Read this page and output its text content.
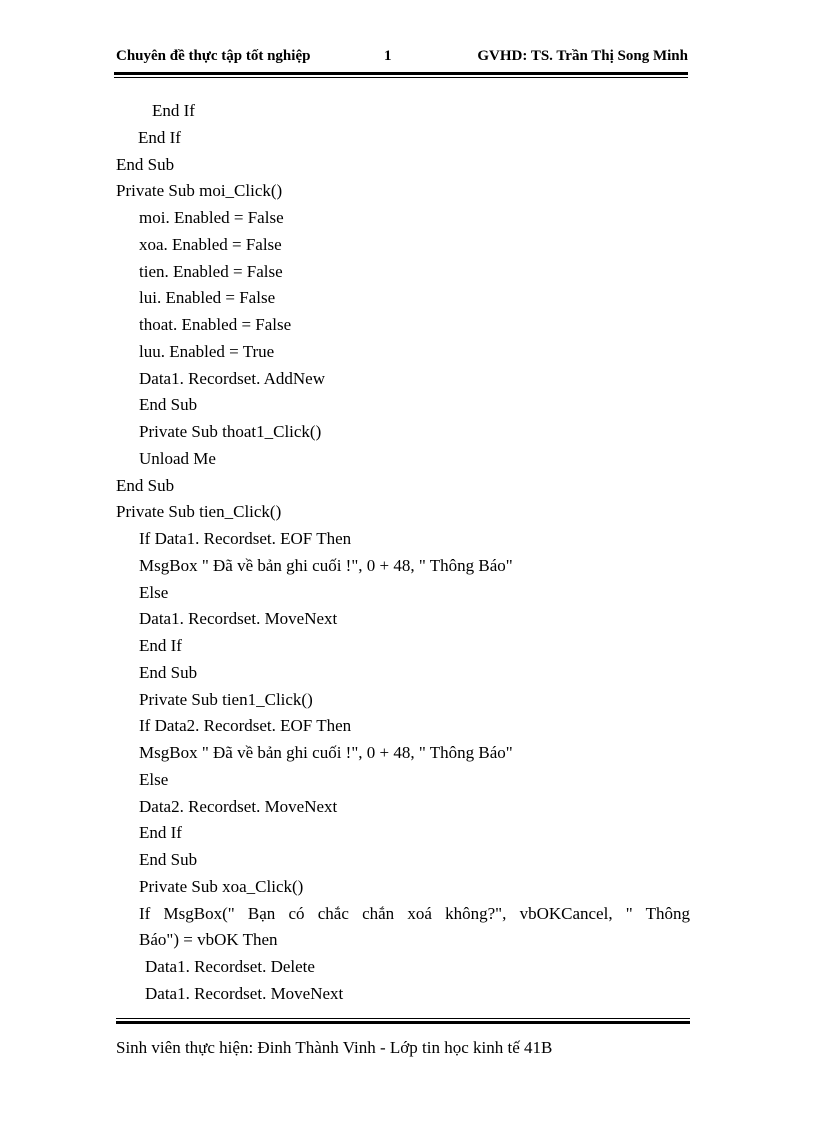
Chuyên đề thực tập tốt nghiệp	1	GVHD: TS. Trần Thị Song Minh
End If
End If
End Sub
Private Sub moi_Click()
moi. Enabled = False
xoa. Enabled = False
tien. Enabled = False
lui. Enabled = False
thoat. Enabled = False
luu. Enabled = True
Data1. Recordset. AddNew
End Sub
Private Sub thoat1_Click()
Unload Me
End Sub
Private Sub tien_Click()
If Data1. Recordset. EOF Then
MsgBox " Đã về bản ghi cuối !", 0 + 48, " Thông Báo"
Else
Data1. Recordset. MoveNext
End If
End Sub
Private Sub tien1_Click()
If Data2. Recordset. EOF Then
MsgBox " Đã về bản ghi cuối !", 0 + 48, " Thông Báo"
Else
Data2. Recordset. MoveNext
End If
End Sub
Private Sub xoa_Click()
If MsgBox(" Bạn có chắc chắn xoá không?", vbOKCancel, " Thông
Báo") = vbOK Then
Data1. Recordset. Delete
Data1. Recordset. MoveNext
Sinh viên thực hiện: Đinh Thành Vinh - Lớp tin học kinh tế 41B
